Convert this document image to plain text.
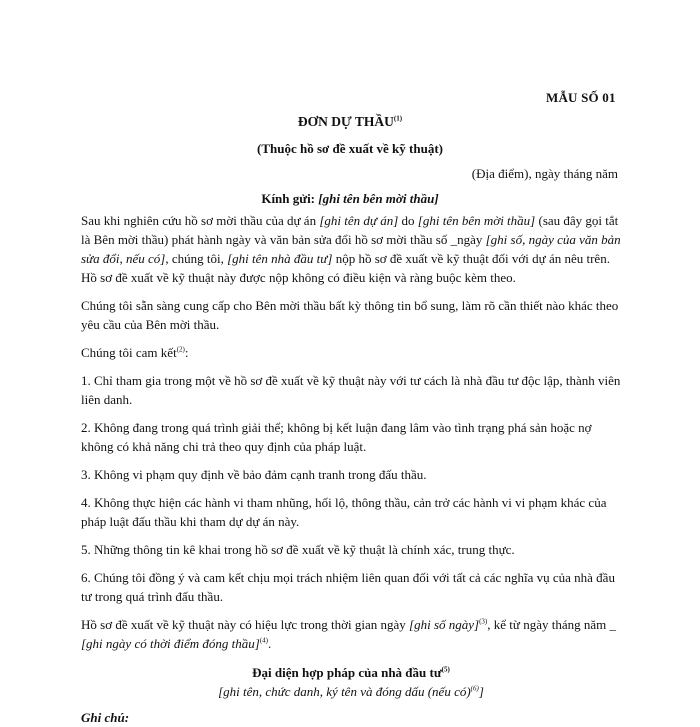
MẪU SỐ 01
ĐƠN DỰ THẦU$^{(1)}$
(Thuộc hồ sơ đề xuất về kỹ thuật)
(Địa điểm), ngày tháng năm
Kính gửi: [ghi tên bên mời thầu]

Sau khi nghiên cứu hồ sơ mời thầu của dự án [ghi tên dự án] do [ghi tên bên mời thầu] (sau đây gọi tắt là Bên mời thầu) phát hành ngày và văn bản sửa đổi hồ sơ mời thầu số _ngày [ghi số, ngày của văn bản sửa đổi, nếu có], chúng tôi, [ghi tên nhà đầu tư] nộp hồ sơ đề xuất về kỹ thuật đối với dự án nêu trên. Hồ sơ đề xuất về kỹ thuật này được nộp không có điều kiện và ràng buộc kèm theo.

Chúng tôi sẵn sàng cung cấp cho Bên mời thầu bất kỳ thông tin bổ sung, làm rõ cần thiết nào khác theo yêu cầu của Bên mời thầu.

Chúng tôi cam kết$^{(2)}$:

1. Chỉ tham gia trong một về hồ sơ đề xuất về kỹ thuật này với tư cách là nhà đầu tư độc lập, thành viên liên danh.

2. Không đang trong quá trình giải thể; không bị kết luận đang lâm vào tình trạng phá sản hoặc nợ không có khả năng chi trả theo quy định của pháp luật.

3. Không vi phạm quy định về bảo đảm cạnh tranh trong đấu thầu.

4. Không thực hiện các hành vi tham nhũng, hối lộ, thông thầu, cản trở các hành vi vi phạm khác của pháp luật đấu thầu khi tham dự dự án này.

5. Những thông tin kê khai trong hồ sơ đề xuất về kỹ thuật là chính xác, trung thực.

6. Chúng tôi đồng ý và cam kết chịu mọi trách nhiệm liên quan đối với tất cả các nghĩa vụ của nhà đầu tư trong quá trình đấu thầu.

Hồ sơ đề xuất về kỹ thuật này có hiệu lực trong thời gian ngày [ghi số ngày]$^{(3)}$, kể từ ngày tháng năm _ [ghi ngày có thời điểm đóng thầu]$^{(4)}$.

Đại diện hợp pháp của nhà đầu $tư^{(5)}$
[ghi tên, chức danh, ký tên và đóng dấu (nếu có)$^{(6)}$]
Ghi chú:
